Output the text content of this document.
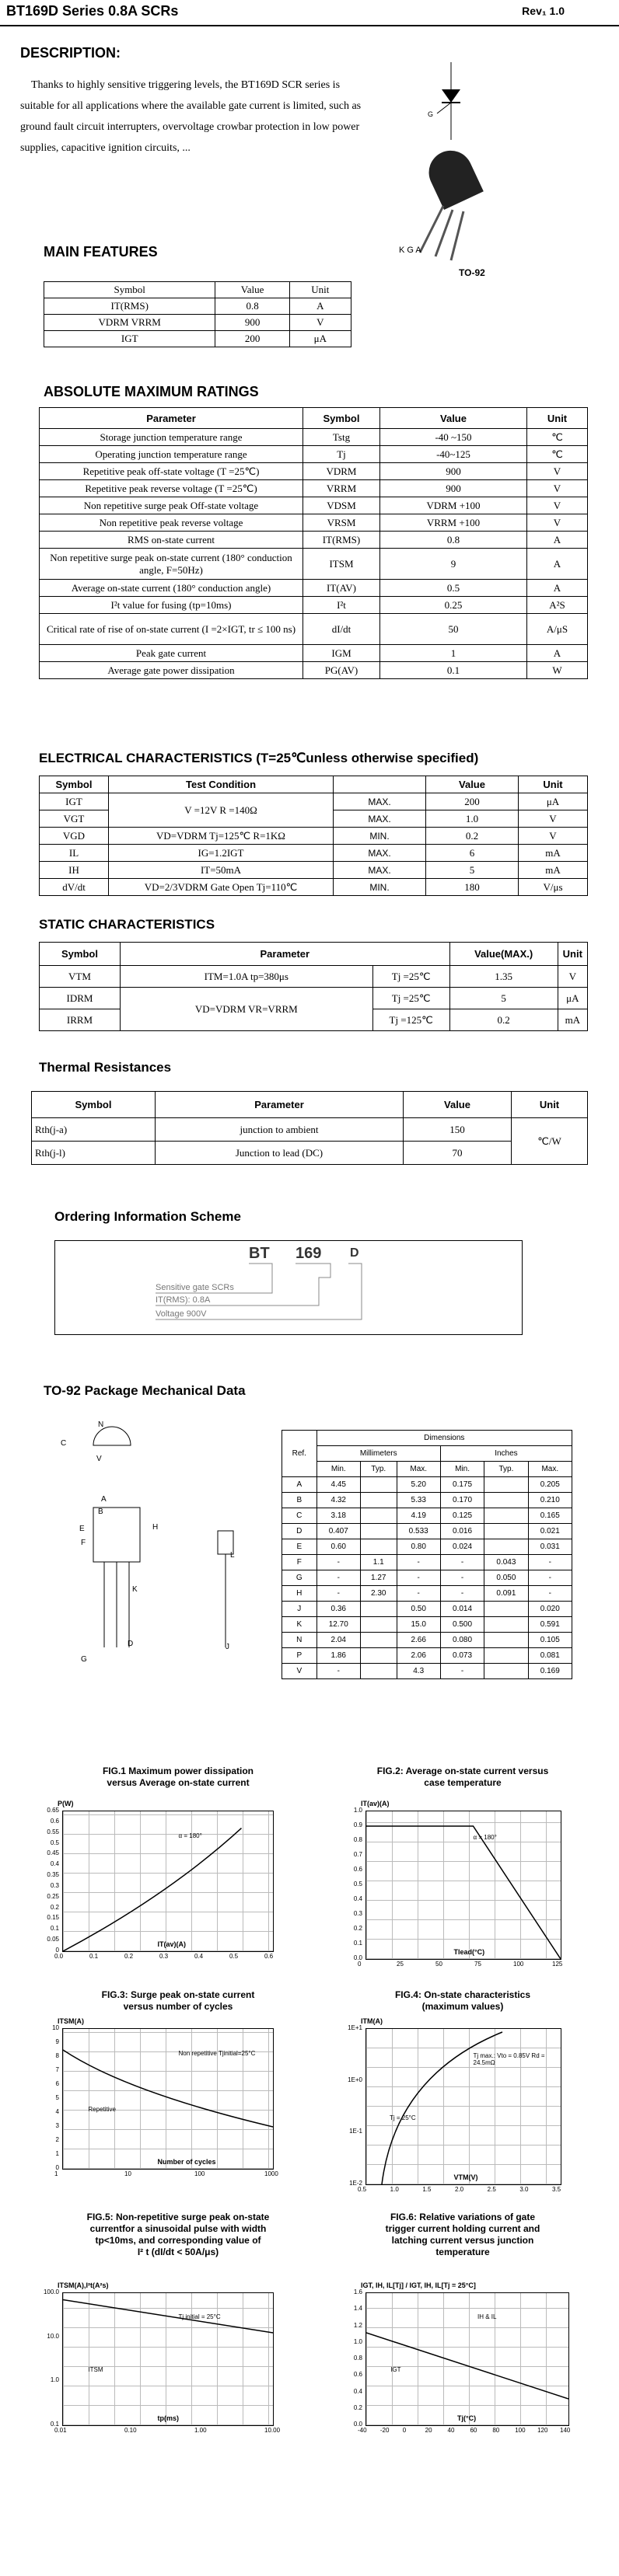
BT169D Series 0.8A SCRs	Rev₁ 1.0
DESCRIPTION:
Thanks to highly sensitive triggering levels, the BT169D SCR series is suitable for all applications where the available gate current is limited, such as ground fault circuit interrupters, overvoltage crowbar protection in low power supplies, capacitive ignition circuits, ...
G
K G A
TO-92
MAIN FEATURES
Symbol	Value	Unit
IT(RMS)	0.8	A
VDRM VRRM	900	V
IGT	200	μA
ABSOLUTE MAXIMUM RATINGS
Parameter	Symbol	Value	Unit
Storage junction temperature range	Tstg	-40 ~150	℃
Operating junction temperature range	Tj	-40~125	℃
Repetitive peak off-state voltage (T =25℃)	VDRM	900	V
Repetitive peak reverse voltage (T =25℃)	VRRM	900	V
Non repetitive surge peak Off-state voltage	VDSM	VDRM +100	V
Non repetitive peak reverse voltage	VRSM	VRRM +100	V
RMS on-state current	IT(RMS)	0.8	A
Non repetitive surge peak on-state current (180° conduction angle, F=50Hz)	ITSM	9	A
Average on-state current (180° conduction angle)	IT(AV)	0.5	A
I²t value for fusing (tp=10ms)	I²t	0.25	A²S
Critical rate of rise of on-state current (I =2×IGT, tr ≤ 100 ns)	dI/dt	50	A/μS
Peak gate current	IGM	1	A
Average gate power dissipation	PG(AV)	0.1	W
ELECTRICAL CHARACTERISTICS (T=25℃unless otherwise specified)
Symbol	Test Condition		Value	Unit
IGT	V =12V R =140Ω	MAX.	200	μA
VGT		MAX.	1.0	V
VGD	VD=VDRM Tj=125℃ R=1KΩ	MIN.	0.2	V
IL	IG=1.2IGT	MAX.	6	mA
IH	IT=50mA	MAX.	5	mA
dV/dt	VD=2/3VDRM Gate Open Tj=110℃	MIN.	180	V/μs
STATIC CHARACTERISTICS
Symbol	Parameter		Value(MAX.)	Unit
VTM	ITM=1.0A tp=380μs	Tj =25℃	1.35	V
IDRM	VD=VDRM VR=VRRM	Tj =25℃	5	μA
IRRM		Tj =125℃	0.2	mA
Thermal Resistances
Symbol	Parameter	Value	Unit
Rth(j-a)	junction to ambient	150	℃/W
Rth(j-l)	Junction to lead (DC)	70	
Ordering Information Scheme
BT 169 D
Sensitive gate SCRs
IT(RMS): 0.8A
Voltage 900V
TO-92 Package Mechanical Data
N
C
V
A
B
E
F
H
K
D
G
J
L
Ref.	Dimensions					
	Millimeters			Inches		
	Min.	Typ.	Max.	Min.	Typ.	Max.
A	4.45		5.20	0.175		0.205
B	4.32		5.33	0.170		0.210
C	3.18		4.19	0.125		0.165
D	0.407		0.533	0.016		0.021
E	0.60		0.80	0.024		0.031
F	-	1.1	-	-	0.043	-
G	-	1.27	-	-	0.050	-
H	-	2.30	-	-	0.091	-
J	0.36		0.50	0.014		0.020
K	12.70		15.0	0.500		0.591
N	2.04		2.66	0.080		0.105
P	1.86		2.06	0.073		0.081
V	-		4.3	-		0.169
FIG.1 Maximum power dissipation
versus Average on-state current
P(W)
α = 180°
IT(av)(A)
0.65
0.6
0.55
0.5
0.45
0.4
0.35
0.3
0.25
0.2
0.15
0.1
0.05
0
0.0	0.1	0.2	0.3	0.4	0.5	0.6
FIG.2: Average on-state current versus
case temperature
IT(av)(A)
α = 180°
Tlead(°C)
1.0
0.9
0.8
0.7
0.6
0.5
0.4
0.3
0.2
0.1
0.0
0	25	50	75	100	125
FIG.3: Surge peak on-state current
versus number of cycles
ITSM(A)
Non repetitive Tjinitial=25°C
Repetitive
Number of cycles
10
9
8
7
6
5
4
3
2
1
0
1	10	100	1000
FIG.4: On-state characteristics
(maximum values)
ITM(A)
Tj max.: Vto = 0.85V Rd = 24.5mΩ
Tj = 25°C
VTM(V)
1E+1
1E+0
1E-1
1E-2
0.5	1.0	1.5	2.0	2.5	3.0	3.5
FIG.5: Non-repetitive surge peak on-state
currentfor a sinusoidal pulse with width
tp<10ms, and corresponding value of
I² t (dI/dt < 50A/μs)
ITSM(A),I²t(A²s)
Tj initial = 25°C
ITSM
tp(ms)
100.0
10.0
1.0
0.1
0.01	0.10	1.00	10.00
FIG.6: Relative variations of gate
trigger current holding current and
latching current versus junction
temperature
IGT, IH, IL[Tj] / IGT, IH, IL[Tj = 25°C]
IH & IL
IGT
Tj(°C)
1.6
1.4
1.2
1.0
0.8
0.6
0.4
0.2
0.0
-40 -20 0	20 40 60 80 100 120 140
